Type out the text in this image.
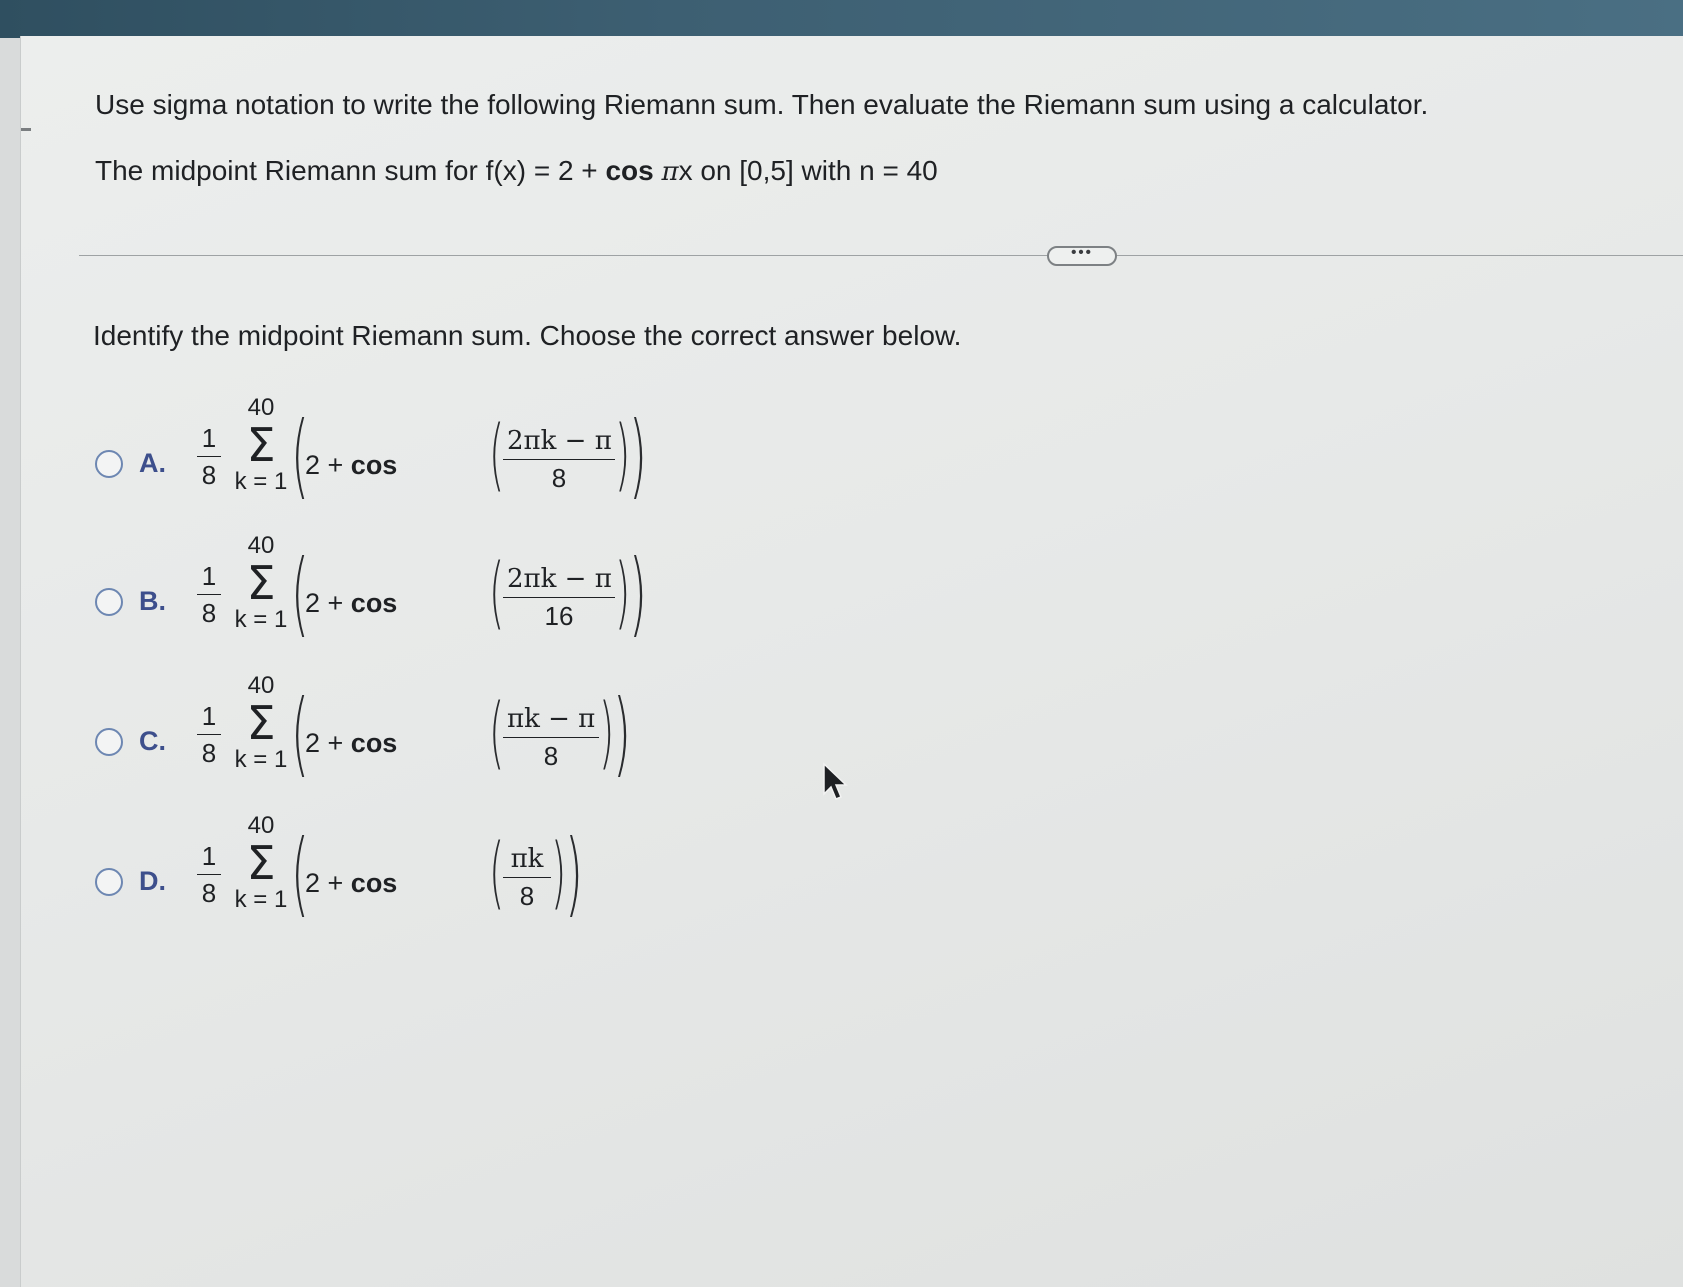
Use sigma notation to write the following Riemann sum. Then evaluate the Riemann sum using a calculator.
The midpoint Riemann sum for f(x) = 2 + cos πx on [0,5] with n = 40
•••
Identify the midpoint Riemann sum. Choose the correct answer below.
A.
1
8
40
Σ
k = 1 (
2 + cos ( 2πk − π
8 )
)
B.
1
8
40
Σ
k = 1 (
2 + cos ( 2πk − π
16 )
)
C.
1
8
40
Σ
k = 1 (
2 + cos ( πk − π
8 )
)
D.
1
8
40
Σ
k = 1 (
2 + cos ( πk
8 )
)
